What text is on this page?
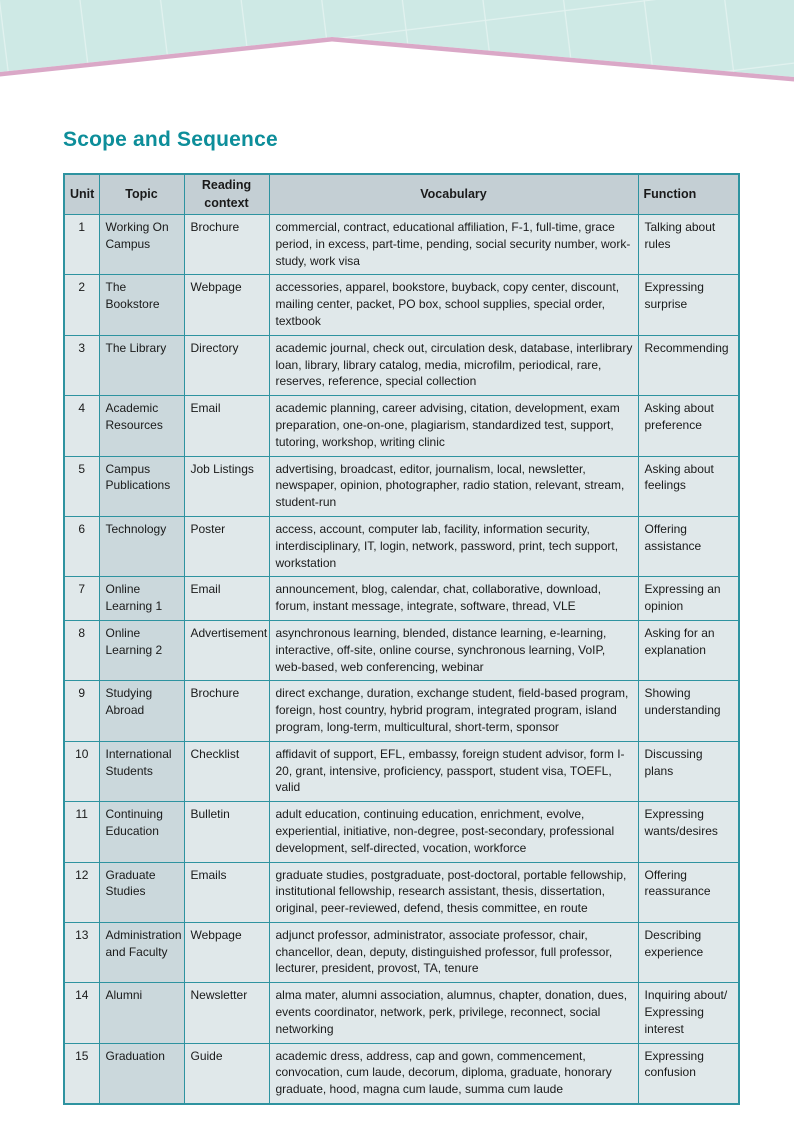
Scope and Sequence
Unit	Topic	Reading context	Vocabulary	Function
1	Working On Campus	Brochure	commercial, contract, educational affiliation, F-1, full-time, grace period, in excess, part-time, pending, social security number, work-study, work visa	Talking about rules
2	The Bookstore	Webpage	accessories, apparel, bookstore, buyback, copy center, discount, mailing center, packet, PO box, school supplies, special order, textbook	Expressing surprise
3	The Library	Directory	academic journal, check out, circulation desk, database, interlibrary loan, library, library catalog, media, microfilm, periodical, rare, reserves, reference, special collection	Recommending
4	Academic Resources	Email	academic planning, career advising, citation, development, exam preparation, one-on-one, plagiarism, standardized test, support, tutoring, workshop, writing clinic	Asking about preference
5	Campus Publications	Job Listings	advertising, broadcast, editor, journalism, local, newsletter, newspaper, opinion, photographer, radio station, relevant, stream, student-run	Asking about feelings
6	Technology	Poster	access, account, computer lab, facility, information security, interdisciplinary, IT, login, network, password, print, tech support, workstation	Offering assistance
7	Online Learning 1	Email	announcement, blog, calendar, chat, collaborative, download, forum, instant message, integrate, software, thread, VLE	Expressing an opinion
8	Online Learning 2	Advertisement	asynchronous learning, blended, distance learning, e-learning, interactive, off-site, online course, synchronous learning, VoIP, web-based, web conferencing, webinar	Asking for an explanation
9	Studying Abroad	Brochure	direct exchange, duration, exchange student, field-based program, foreign, host country, hybrid program, integrated program, island program, long-term, multicultural, short-term, sponsor	Showing understanding
10	International Students	Checklist	affidavit of support, EFL, embassy, foreign student advisor, form I-20, grant, intensive, proficiency, passport, student visa, TOEFL, valid	Discussing plans
11	Continuing Education	Bulletin	adult education, continuing education, enrichment, evolve, experiential, initiative, non-degree, post-secondary, professional development, self-directed, vocation, workforce	Expressing wants/desires
12	Graduate Studies	Emails	graduate studies, postgraduate, post-doctoral, portable fellowship, institutional fellowship, research assistant, thesis, dissertation, original, peer-reviewed, defend, thesis committee, en route	Offering reassurance
13	Administration and Faculty	Webpage	adjunct professor, administrator, associate professor, chair, chancellor, dean, deputy, distinguished professor, full professor, lecturer, president, provost, TA, tenure	Describing experience
14	Alumni	Newsletter	alma mater, alumni association, alumnus, chapter, donation, dues, events coordinator, network, perk, privilege, reconnect, social networking	Inquiring about/ Expressing interest
15	Graduation	Guide	academic dress, address, cap and gown, commencement, convocation, cum laude, decorum, diploma, graduate, honorary graduate, hood, magna cum laude, summa cum laude	Expressing confusion
